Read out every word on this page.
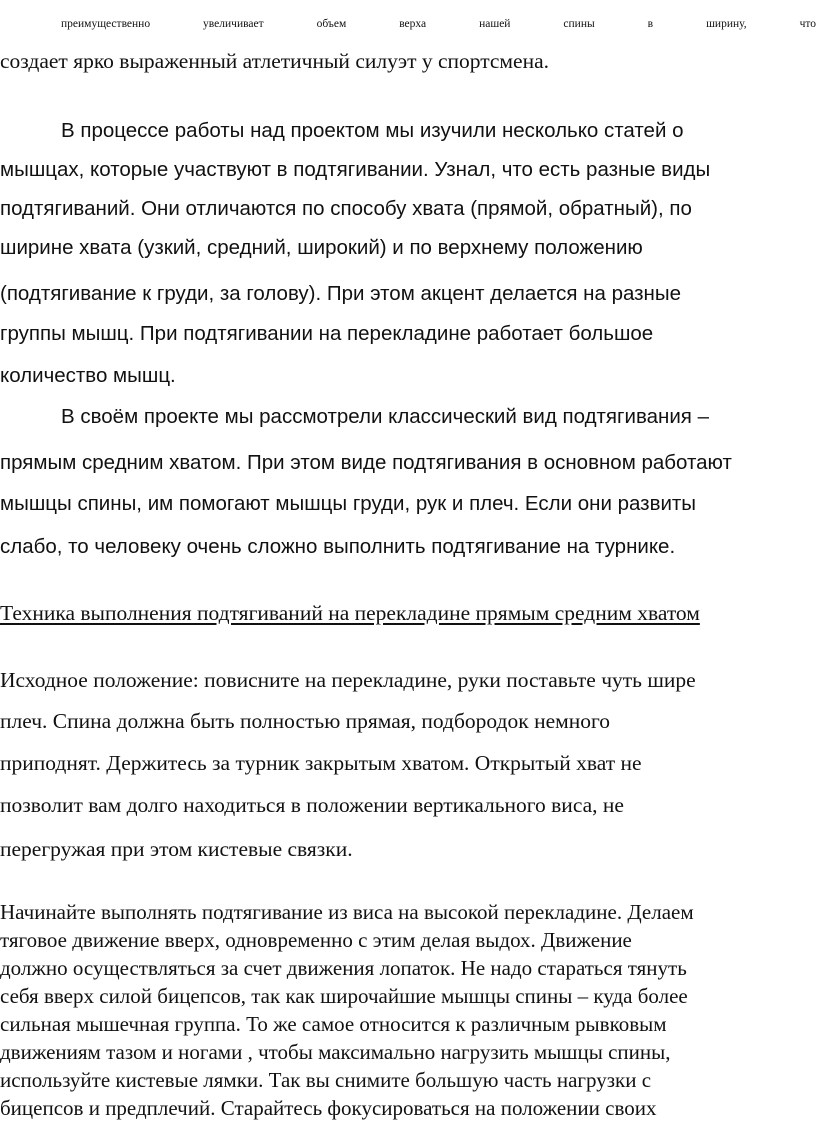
преимущественно увеличивает объем верха нашей спины в ширину, что

создает ярко выраженный атлетичный силуэт у спортсмена.

В процессе работы над проектом мы изучили несколько статей о

мышцах, которые участвуют в подтягивании. Узнал, что есть разные виды

подтягиваний. Они отличаются по способу хвата (прямой, обратный), по

ширине хвата (узкий, средний, широкий) и по верхнему положению

(подтягивание к груди, за голову). При этом акцент делается на разные

группы мышц. При подтягивании на перекладине работает большое

количество мышц.

В своём проекте мы рассмотрели классический вид подтягивания –

прямым средним хватом. При этом виде подтягивания в основном работают

мышцы спины, им помогают мышцы груди, рук и плеч. Если они развиты

слабо, то человеку очень сложно выполнить подтягивание на турнике.

Техника выполнения подтягиваний на перекладине прямым средним хватом

Исходное положение: повисните на перекладине, руки поставьте чуть шире

плеч. Спина должна быть полностью прямая, подбородок немного

приподнят. Держитесь за турник закрытым хватом. Открытый хват не

позволит вам долго находиться в положении вертикального виса, не

перегружая при этом кистевые связки.

Начинайте выполнять подтягивание из виса на высокой перекладине. Делаем

тяговое движение вверх, одновременно с этим делая выдох. Движение

должно осуществляться за счет движения лопаток. Не надо стараться тянуть

себя вверх силой бицепсов, так как широчайшие мышцы спины – куда более

сильная мышечная группа. То же самое относится к различным рывковым

движениям тазом и ногами , чтобы максимально нагрузить мышцы спины,

используйте кистевые лямки. Так вы снимите большую часть нагрузки с

бицепсов и предплечий. Старайтесь фокусироваться на положении своих
